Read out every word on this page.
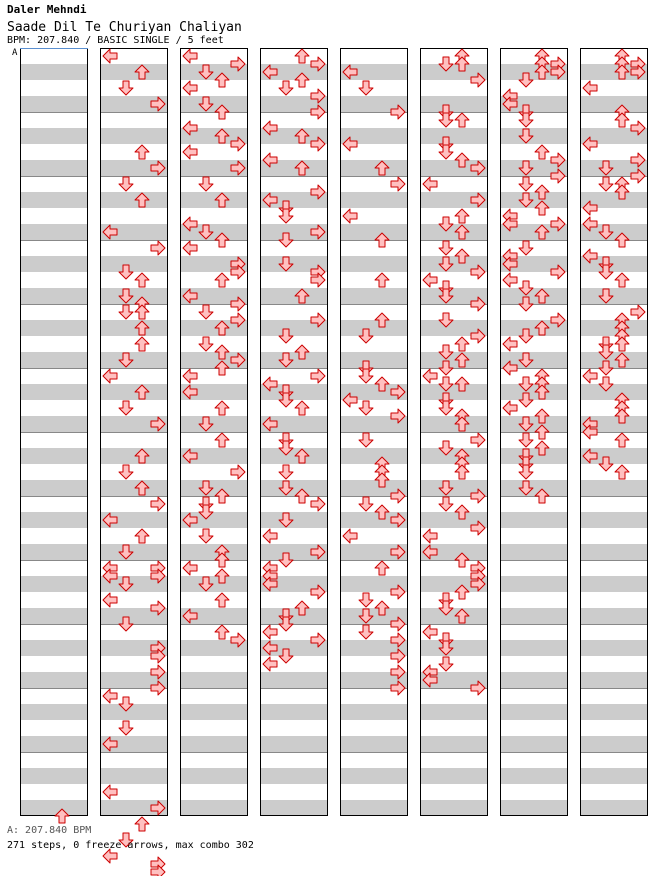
Daler Mehndi
Saade Dil Te Churiyan Chaliyan
BPM: 207.840 / BASIC SINGLE / 5 feet
A
A: 207.840 BPM
271 steps, 0 freeze arrows, max combo 302
